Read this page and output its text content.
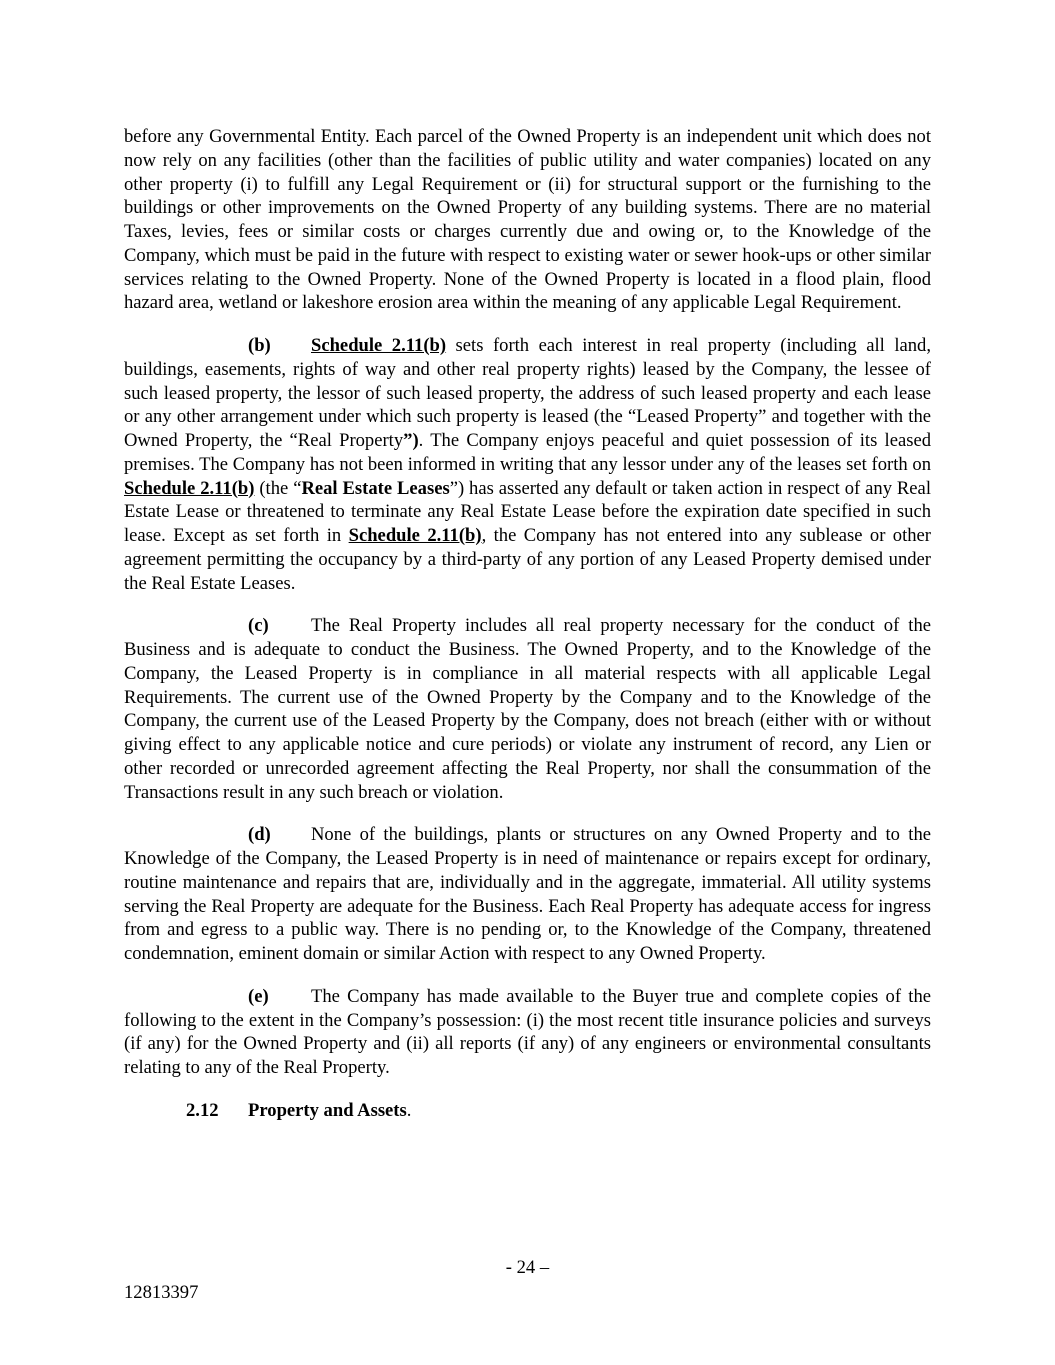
before any Governmental Entity. Each parcel of the Owned Property is an independent unit which does not now rely on any facilities (other than the facilities of public utility and water companies) located on any other property (i) to fulfill any Legal Requirement or (ii) for structural support or the furnishing to the buildings or other improvements on the Owned Property of any building systems. There are no material Taxes, levies, fees or similar costs or charges currently due and owing or, to the Knowledge of the Company, which must be paid in the future with respect to existing water or sewer hook-ups or other similar services relating to the Owned Property. None of the Owned Property is located in a flood plain, flood hazard area, wetland or lakeshore erosion area within the meaning of any applicable Legal Requirement.

(b) Schedule 2.11(b) sets forth each interest in real property (including all land, buildings, easements, rights of way and other real property rights) leased by the Company, the lessee of such leased property, the lessor of such leased property, the address of such leased property and each lease or any other arrangement under which such property is leased (the “Leased Property” and together with the Owned Property, the “Real Property”). The Company enjoys peaceful and quiet possession of its leased premises. The Company has not been informed in writing that any lessor under any of the leases set forth on Schedule 2.11(b) (the “Real Estate Leases”) has asserted any default or taken action in respect of any Real Estate Lease or threatened to terminate any Real Estate Lease before the expiration date specified in such lease. Except as set forth in Schedule 2.11(b), the Company has not entered into any sublease or other agreement permitting the occupancy by a third-party of any portion of any Leased Property demised under the Real Estate Leases.

(c) The Real Property includes all real property necessary for the conduct of the Business and is adequate to conduct the Business. The Owned Property, and to the Knowledge of the Company, the Leased Property is in compliance in all material respects with all applicable Legal Requirements. The current use of the Owned Property by the Company and to the Knowledge of the Company, the current use of the Leased Property by the Company, does not breach (either with or without giving effect to any applicable notice and cure periods) or violate any instrument of record, any Lien or other recorded or unrecorded agreement affecting the Real Property, nor shall the consummation of the Transactions result in any such breach or violation.

(d) None of the buildings, plants or structures on any Owned Property and to the Knowledge of the Company, the Leased Property is in need of maintenance or repairs except for ordinary, routine maintenance and repairs that are, individually and in the aggregate, immaterial. All utility systems serving the Real Property are adequate for the Business. Each Real Property has adequate access for ingress from and egress to a public way. There is no pending or, to the Knowledge of the Company, threatened condemnation, eminent domain or similar Action with respect to any Owned Property.

(e) The Company has made available to the Buyer true and complete copies of the following to the extent in the Company’s possession: (i) the most recent title insurance policies and surveys (if any) for the Owned Property and (ii) all reports (if any) of any engineers or environmental consultants relating to any of the Real Property.

2.12 Property and Assets.
- 24 –
12813397
